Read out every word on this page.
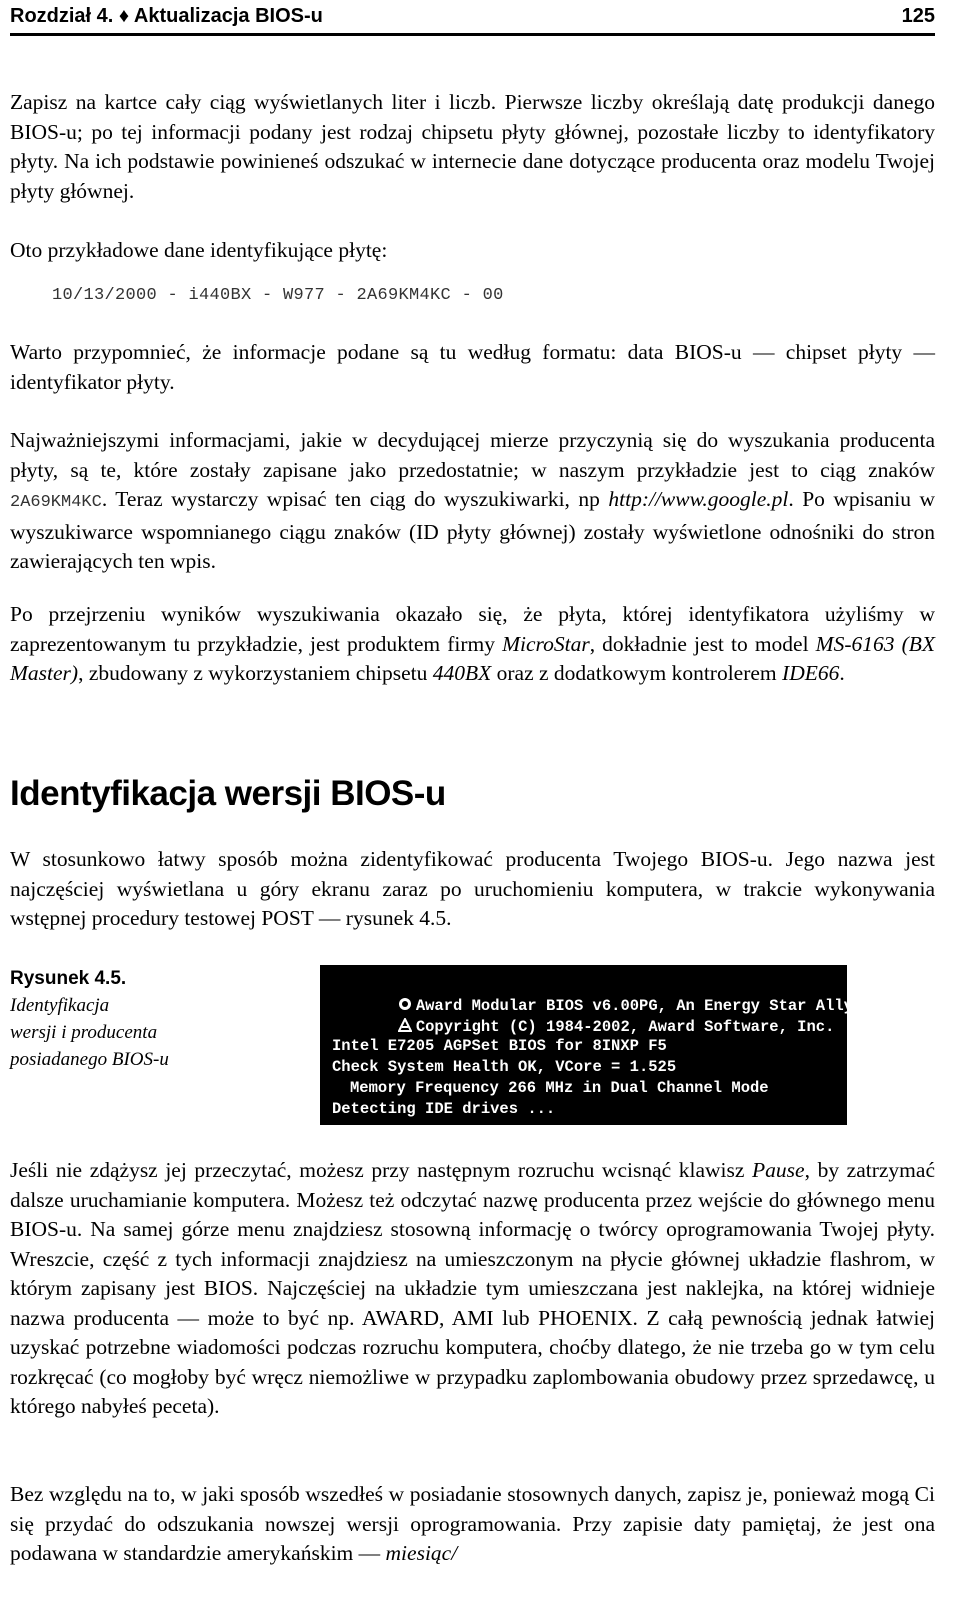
Rozdział 4. ♦ Aktualizacja BIOS-u	125

Zapisz na kartce cały ciąg wyświetlanych liter i liczb. Pierwsze liczby określają datę produkcji danego BIOS-u; po tej informacji podany jest rodzaj chipsetu płyty głównej, pozostałe liczby to identyfikatory płyty. Na ich podstawie powinieneś odszukać w internecie dane dotyczące producenta oraz modelu Twojej płyty głównej.

Oto przykładowe dane identyfikujące płytę:

10/13/2000 - i440BX - W977 - 2A69KM4KC - 00

Warto przypomnieć, że informacje podane są tu według formatu: data BIOS-u — chipset płyty — identyfikator płyty.

Najważniejszymi informacjami, jakie w decydującej mierze przyczynią się do wyszukania producenta płyty, są te, które zostały zapisane jako przedostatnie; w naszym przykładzie jest to ciąg znaków 2A69KM4KC. Teraz wystarczy wpisać ten ciąg do wyszukiwarki, np http://www.google.pl. Po wpisaniu w wyszukiwarce wspomnianego ciągu znaków (ID płyty głównej) zostały wyświetlone odnośniki do stron zawierających ten wpis.

Po przejrzeniu wyników wyszukiwania okazało się, że płyta, której identyfikatora użyliśmy w zaprezentowanym tu przykładzie, jest produktem firmy MicroStar, dokładnie jest to model MS-6163 (BX Master), zbudowany z wykorzystaniem chipsetu 440BX oraz z dodatkowym kontrolerem IDE66.

Identyfikacja wersji BIOS-u

W stosunkowo łatwy sposób można zidentyfikować producenta Twojego BIOS-u. Jego nazwa jest najczęściej wyświetlana u góry ekranu zaraz po uruchomieniu komputera, w trakcie wykonywania wstępnej procedury testowej POST — rysunek 4.5.

Rysunek 4.5.
Identyfikacja
wersji i producenta
posiadanego BIOS-u

Award Modular BIOS v6.00PG, An Energy Star Ally

Copyright (C) 1984-2002, Award Software, Inc.

Intel E7205 AGPSet BIOS for 8INXP F5
Check System Health OK, VCore = 1.525
Memory Frequency 266 MHz in Dual Channel Mode
Detecting IDE drives ...

Jeśli nie zdążysz jej przeczytać, możesz przy następnym rozruchu wcisnąć klawisz Pause, by zatrzymać dalsze uruchamianie komputera. Możesz też odczytać nazwę producenta przez wejście do głównego menu BIOS-u. Na samej górze menu znajdziesz stosowną informację o twórcy oprogramowania Twojej płyty. Wreszcie, część z tych informacji znajdziesz na umieszczonym na płycie głównej układzie flashrom, w którym zapisany jest BIOS. Najczęściej na układzie tym umieszczana jest naklejka, na której widnieje nazwa producenta — może to być np. AWARD, AMI lub PHOENIX. Z całą pewnością jednak łatwiej uzyskać potrzebne wiadomości podczas rozruchu komputera, choćby dlatego, że nie trzeba go w tym celu rozkręcać (co mogłoby być wręcz niemożliwe w przypadku zaplombowania obudowy przez sprzedawcę, u którego nabyłeś peceta).

Bez względu na to, w jaki sposób wszedłeś w posiadanie stosownych danych, zapisz je, ponieważ mogą Ci się przydać do odszukania nowszej wersji oprogramowania. Przy zapisie daty pamiętaj, że jest ona podawana w standardzie amerykańskim — miesiąc/
